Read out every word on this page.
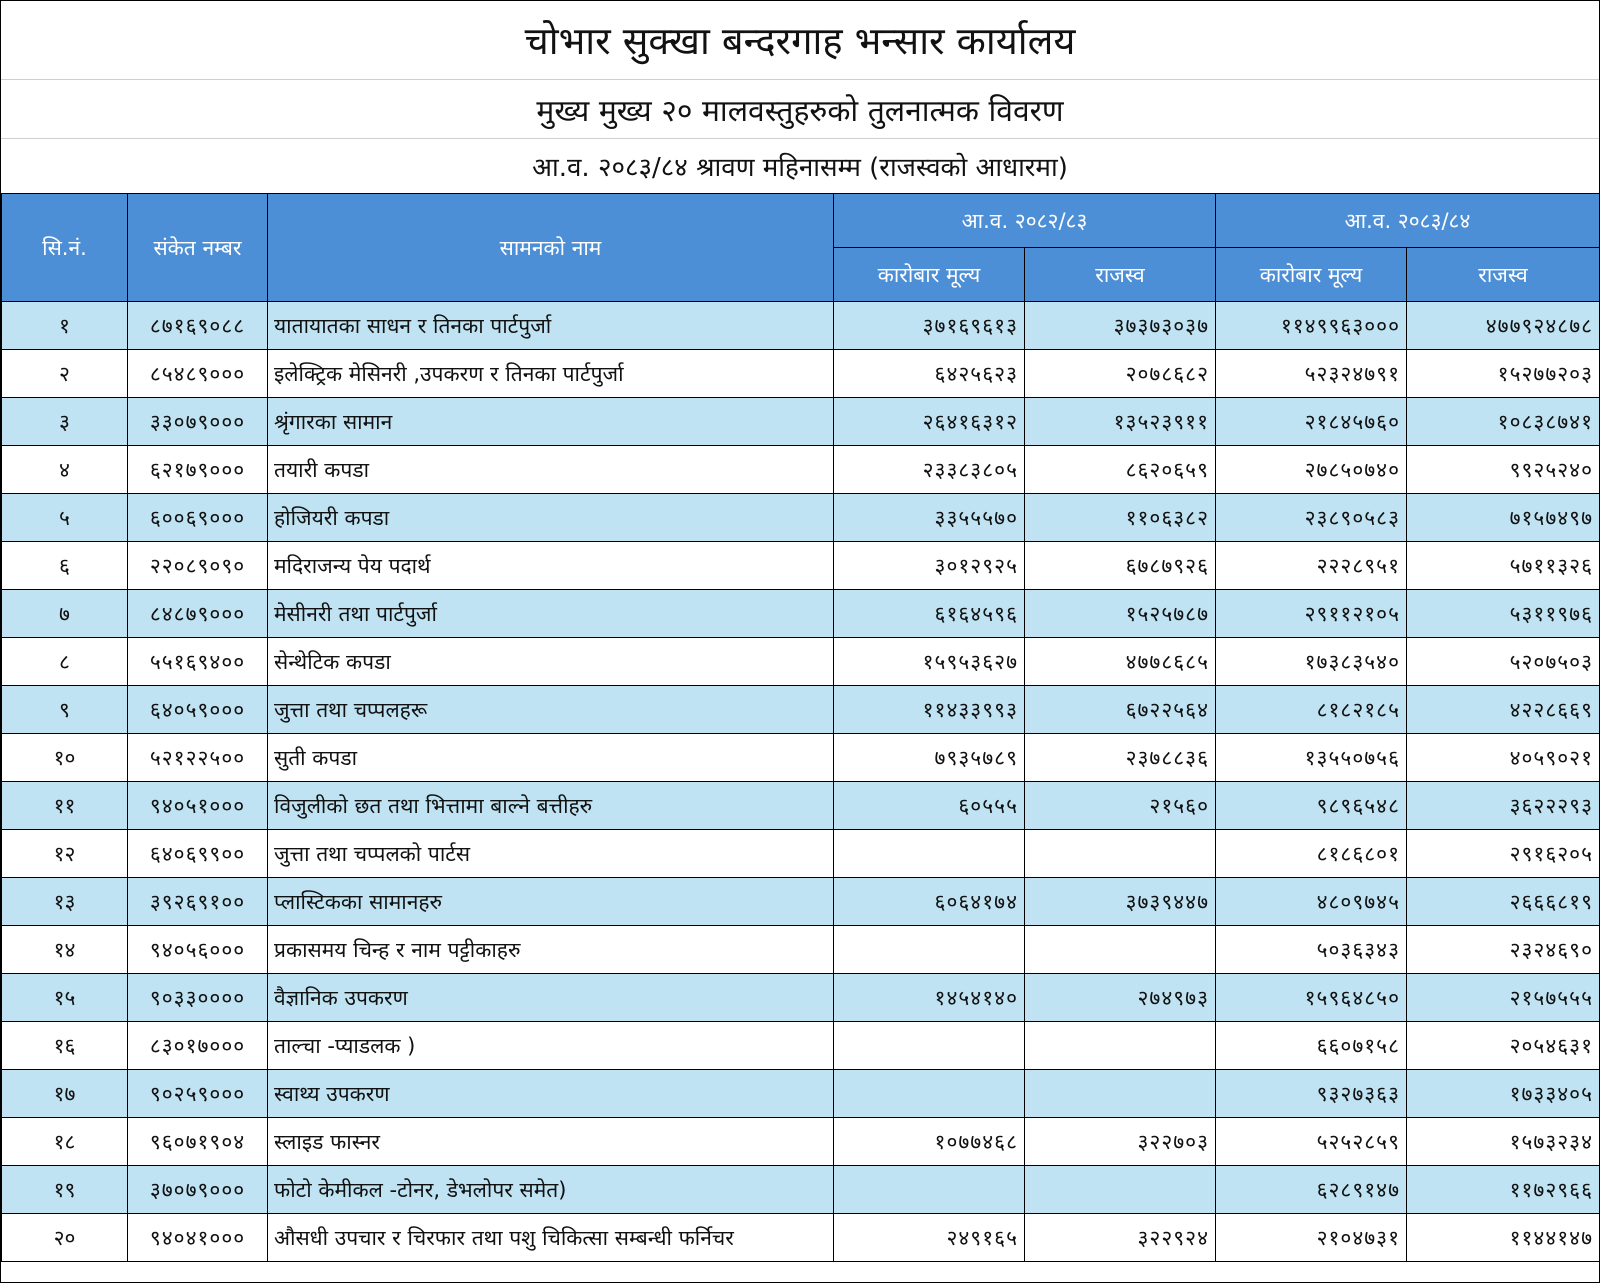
चोभार सुक्खा बन्दरगाह भन्सार कार्यालय
मुख्य मुख्य २० मालवस्तुहरुको तुलनात्मक विवरण
आ.व. २०८३/८४ श्रावण महिनासम्म (राजस्वको आधारमा)
सि.नं.	संकेत नम्बर	सामनको नाम	आ.व. २०८२/८३		आ.व. २०८३/८४	
			कारोबार मूल्य	राजस्व	कारोबार मूल्य	राजस्व
१	८७१६९०८८	यातायातका साधन र तिनका पार्टपुर्जा	३७१६९६१३	३७३७३०३७	११४९९६३०००	४७७९२४८७८
२	८५४८९०००	इलेक्ट्रिक मेसिनरी ,उपकरण र तिनका पार्टपुर्जा	६४२५६२३	२०७८६८२	५२३२४७९१	१५२७७२०३
३	३३०७९०००	श्रृंगारका सामान	२६४१६३१२	१३५२३९११	२१८४५७६०	१०८३८७४१
४	६२१७९०००	तयारी कपडा	२३३८३८०५	८६२०६५९	२७८५०७४०	९९२५२४०
५	६००६९०००	होजियरी कपडा	३३५५५७०	११०६३८२	२३८९०५८३	७१५७४९७
६	२२०८९०९०	मदिराजन्य पेय पदार्थ	३०१२९२५	६७८७९२६	२२२८९५१	५७११३२६
७	८४८७९०००	मेसीनरी तथा पार्टपुर्जा	६१६४५९६	१५२५७८७	२९११२१०५	५३११९७६
८	५५१६९४००	सेन्थेटिक कपडा	१५९५३६२७	४७७८६८५	१७३८३५४०	५२०७५०३
९	६४०५९०००	जुत्ता तथा चप्पलहरू	११४३३९९३	६७२२५६४	८१८२१८५	४२२८६६९
१०	५२१२२५००	सुती कपडा	७९३५७८९	२३७८८३६	१३५५०७५६	४०५९०२१
११	९४०५१०००	विजुलीको छत तथा भित्तामा बाल्ने बत्तीहरु	६०५५५	२१५६०	९८९६५४८	३६२२२९३
१२	६४०६९९००	जुत्ता तथा चप्पलको पार्टस			८१८६८०१	२९१६२०५
१३	३९२६९१००	प्लास्टिकका सामानहरु	६०६४१७४	३७३९४४७	४८०९७४५	२६६६८१९
१४	९४०५६०००	प्रकासमय चिन्ह र नाम पट्टीकाहरु			५०३६३४३	२३२४६९०
१५	९०३३००००	वैज्ञानिक उपकरण	१४५४१४०	२७४९७३	१५९६४८५०	२१५७५५५
१६	८३०१७०००	ताल्चा -प्याडलक )			६६०७१५८	२०५४६३१
१७	९०२५९०००	स्वाथ्य उपकरण			९३२७३६३	१७३३४०५
१८	९६०७१९०४	स्लाइड फास्नर	१०७७४६८	३२२७०३	५२५२८५९	१५७३२३४
१९	३७०७९०००	फोटो केमीकल -टोनर, डेभलोपर समेत)			६२८९१४७	११७२९६६
२०	९४०४१०००	औसधी उपचार र चिरफार तथा पशु चिकित्सा सम्बन्धी फर्निचर	२४९१६५	३२२९२४	२१०४७३१	११४४१४७
